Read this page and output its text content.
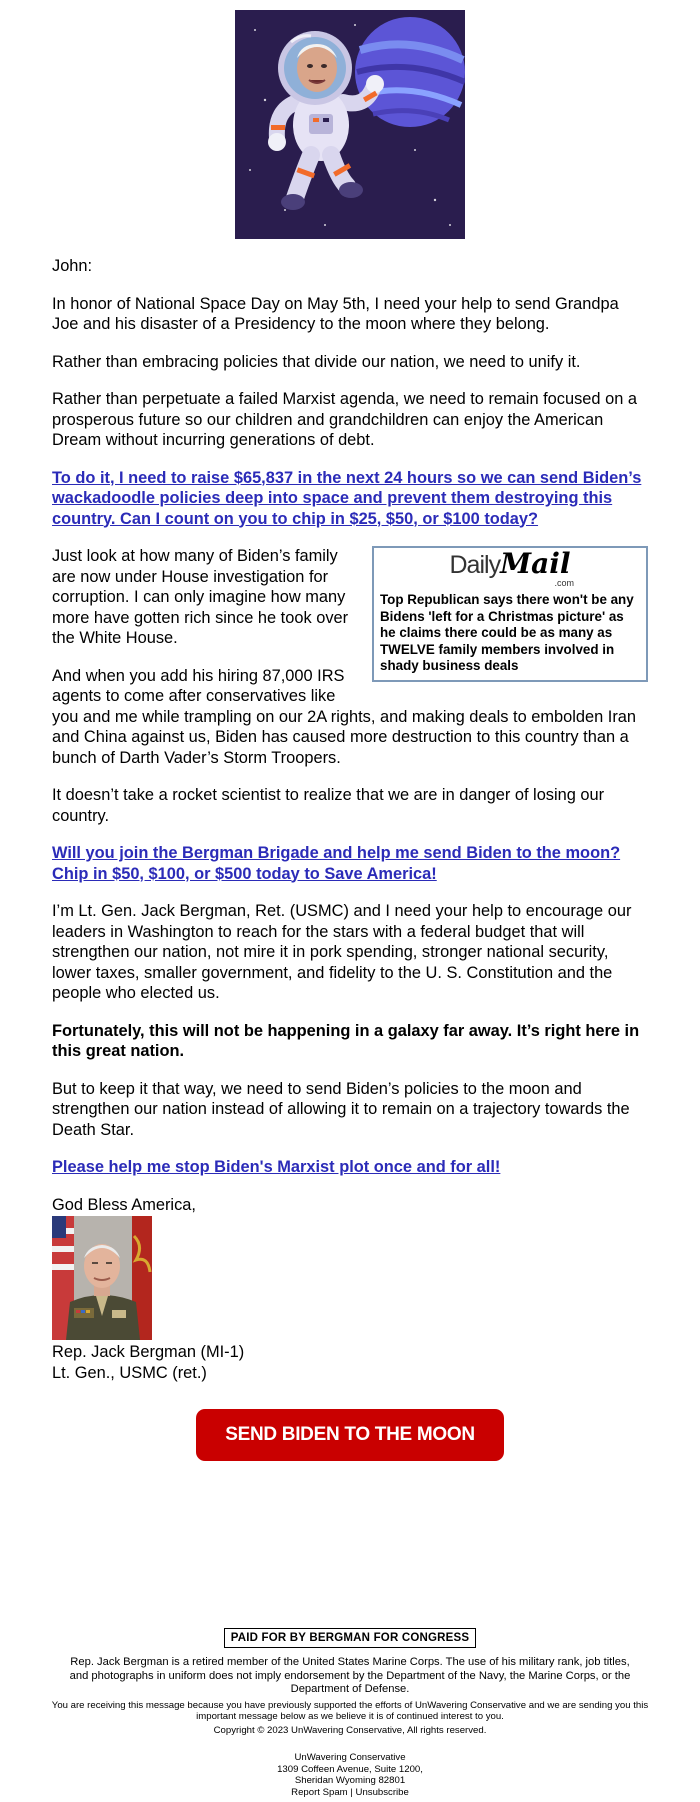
John:

In honor of National Space Day on May 5th, I need your help to send Grandpa Joe and his disaster of a Presidency to the moon where they belong.

Rather than embracing policies that divide our nation, we need to unify it.

Rather than perpetuate a failed Marxist agenda, we need to remain focused on a prosperous future so our children and grandchildren can enjoy the American Dream without incurring generations of debt.

To do it, I need to raise $65,837 in the next 24 hours so we can send Biden’s wackadoodle policies deep into space and prevent them destroying this country. Can I count on you to chip in $25, $50, or $100 today?

DailyMail
.com
Top Republican says there won't be any Bidens 'left for a Christmas picture' as he claims there could be as many as TWELVE family members involved in shady business deals

Just look at how many of Biden’s family are now under House investigation for corruption. I can only imagine how many more have gotten rich since he took over the White House.

And when you add his hiring 87,000 IRS agents to come after conservatives like you and me while trampling on our 2A rights, and making deals to embolden Iran and China against us, Biden has caused more destruction to this country than a bunch of Darth Vader’s Storm Troopers.

It doesn’t take a rocket scientist to realize that we are in danger of losing our country.

Will you join the Bergman Brigade and help me send Biden to the moon? Chip in $50, $100, or $500 today to Save America!

I’m Lt. Gen. Jack Bergman, Ret. (USMC) and I need your help to encourage our leaders in Washington to reach for the stars with a federal budget that will strengthen our nation, not mire it in pork spending, stronger national security, lower taxes, smaller government, and fidelity to the U. S. Constitution and the people who elected us.

Fortunately, this will not be happening in a galaxy far away. It’s right here in this great nation.

But to keep it that way, we need to send Biden’s policies to the moon and strengthen our nation instead of allowing it to remain on a trajectory towards the Death Star.

Please help me stop Biden's Marxist plot once and for all!

God Bless America,
Rep. Jack Bergman (MI-1)
Lt. Gen., USMC (ret.)
SEND BIDEN TO THE MOON
PAID FOR BY BERGMAN FOR CONGRESS
Rep. Jack Bergman is a retired member of the United States Marine Corps. The use of his military rank, job titles, and photographs in uniform does not imply endorsement by the Department of the Navy, the Marine Corps, or the Department of Defense.
You are receiving this message because you have previously supported the efforts of UnWavering Conservative and we are sending you this important message below as we believe it is of continued interest to you.
Copyright © 2023 UnWavering Conservative, All rights reserved.
UnWavering Conservative
1309 Coffeen Avenue, Suite 1200,
Sheridan Wyoming 82801
Report Spam | Unsubscribe
